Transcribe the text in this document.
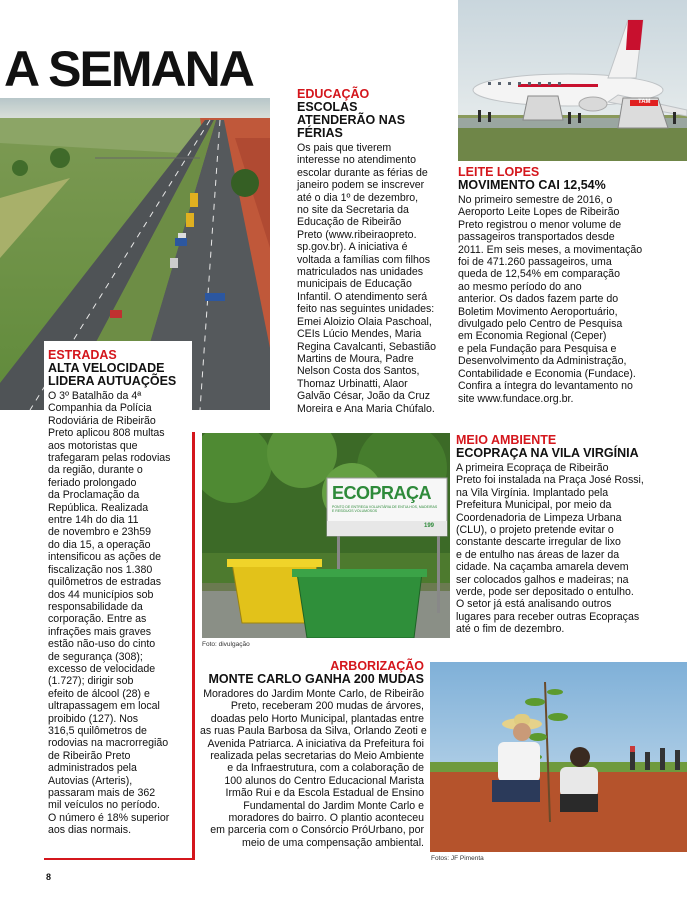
A SEMANA
ESTRADAS
ALTA VELOCIDADE LIDERA AUTUAÇÕES
O 3º Batalhão da 4ª
Companhia da Polícia
Rodoviária de Ribeirão
Preto aplicou 808 multas
aos motoristas que
trafegaram pelas rodovias
da região, durante o
feriado prolongado
da Proclamação da
República. Realizada
entre 14h do dia 11
de novembro e 23h59
do dia 15, a operação
intensificou as ações de
fiscalização nos 1.380
quilômetros de estradas
dos 44 municípios sob
responsabilidade da
corporação. Entre as
infrações mais graves
estão não-uso do cinto
de segurança (308);
excesso de velocidade
(1.727); dirigir sob
efeito de álcool (28) e
ultrapassagem em local
proibido (127). Nos
316,5 quilômetros de
rodovias na macrorregião
de Ribeirão Preto
administrados pela
Autovias (Arteris),
passaram mais de 362
mil veículos no período.
O número é 18% superior
aos dias normais.
EDUCAÇÃO
ESCOLAS ATENDERÃO NAS FÉRIAS
Os pais que tiverem
interesse no atendimento
escolar durante as férias de
janeiro podem se inscrever
até o dia 1º de dezembro,
no site da Secretaria da
Educação de Ribeirão
Preto (www.ribeiraopreto.
sp.gov.br). A iniciativa é
voltada a famílias com filhos
matriculados nas unidades
municipais de Educação
Infantil. O atendimento será
feito nas seguintes unidades:
Emei Aloizio Olaia Paschoal,
CEIs Lúcio Mendes, Maria
Regina Cavalcanti, Sebastião
Martins de Moura, Padre
Nelson Costa dos Santos,
Thomaz Urbinatti, Alaor
Galvão César, João da Cruz
Moreira e Ana Maria Chúfalo.
TAM
LEITE LOPES
MOVIMENTO CAI 12,54%
No primeiro semestre de 2016, o
Aeroporto Leite Lopes de Ribeirão
Preto registrou o menor volume de
passageiros transportados desde
2011. Em seis meses, a movimentação
foi de 471.260 passageiros, uma
queda de 12,54% em comparação
ao mesmo período do ano
anterior. Os dados fazem parte do
Boletim Movimento Aeroportuário,
divulgado pelo Centro de Pesquisa
em Economia Regional (Ceper)
e pela Fundação para Pesquisa e
Desenvolvimento da Administração,
Contabilidade e Economia (Fundace).
Confira a íntegra do levantamento no
site www.fundace.org.br.
ECOPRAÇA
PONTO DE ENTREGA VOLUNTÁRIA DE ENTULHOS, MADEIRAS E RESÍDUOS VOLUMOSOS
199
Foto: divulgação
MEIO AMBIENTE
ECOPRAÇA NA VILA VIRGÍNIA
A primeira Ecopraça de Ribeirão
Preto foi instalada na Praça José Rossi,
na Vila Virgínia. Implantado pela
Prefeitura Municipal, por meio da
Coordenadoria de Limpeza Urbana
(CLU), o projeto pretende evitar o
constante descarte irregular de lixo
e de entulho nas áreas de lazer da
cidade. Na caçamba amarela devem
ser colocados galhos e madeiras; na
verde, pode ser depositado o entulho.
O setor já está analisando outros
lugares para receber outras Ecopraças
até o fim de dezembro.
ARBORIZAÇÃO
MONTE CARLO GANHA 200 MUDAS
Moradores do Jardim Monte Carlo, de Ribeirão
Preto, receberam 200 mudas de árvores,
doadas pelo Horto Municipal, plantadas entre
as ruas Paula Barbosa da Silva, Orlando Zeoti e
Avenida Patriarca. A iniciativa da Prefeitura foi
realizada pelas secretarias do Meio Ambiente
e da Infraestrutura, com a colaboração de
100 alunos do Centro Educacional Marista
Irmão Rui e da Escola Estadual de Ensino
Fundamental do Jardim Monte Carlo e
moradores do bairro. O plantio aconteceu
em parceria com o Consórcio PróUrbano, por
meio de uma compensação ambiental.
Fotos: JF Pimenta
8
